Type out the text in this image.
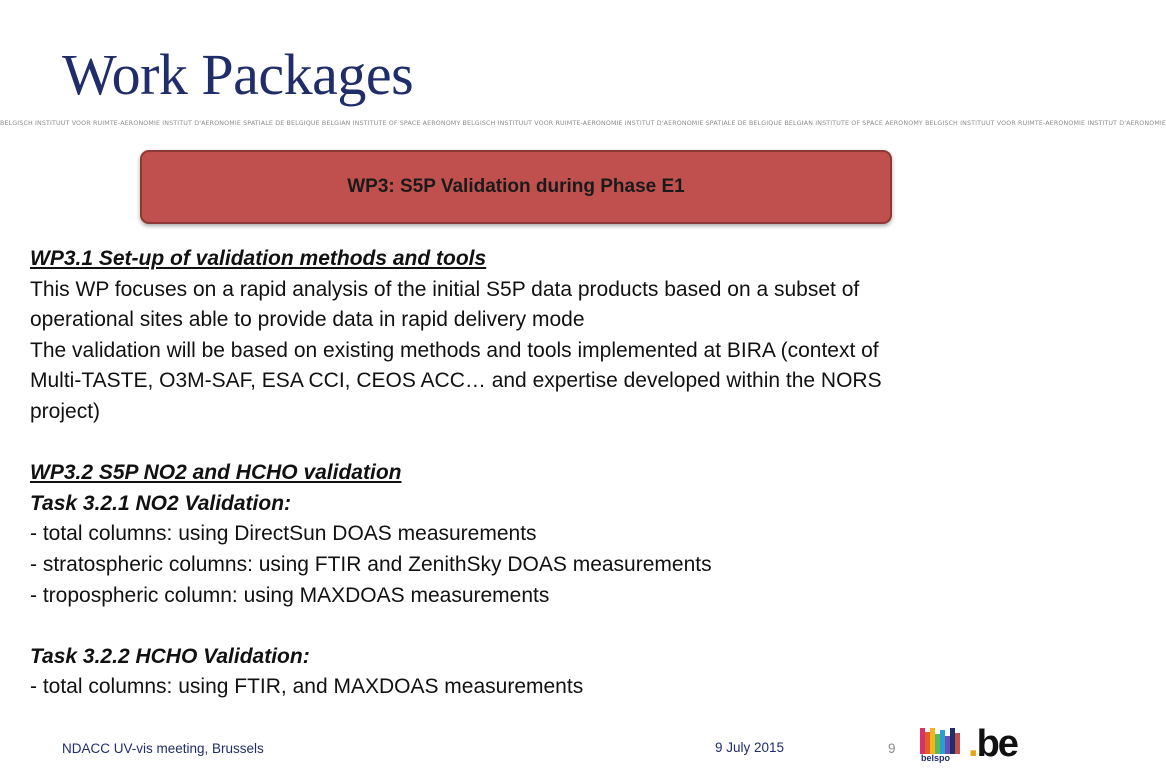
Work Packages
BELGISCH INSTITUUT VOOR RUIMTE-AERONOMIE INSTITUT D'AERONOMIE SPATIALE DE BELGIQUE BELGIAN INSTITUTE OF SPACE AERONOMY BELGISCH INSTITUUT VOOR RUIMTE-AERONOMIE INSTITUT D'AERONOMIE SPATIALE DE BELGIQUE BELGIAN INSTITUTE OF SPACE AERONOMY BELGISCH INSTITUUT VOOR RUIMTE-AERONOMIE INSTITUT D'AERONOMIE
WP3: S5P Validation during Phase E1
WP3.1 Set-up of validation methods and tools
This WP focuses on a rapid analysis of the initial S5P data products based on a subset of
operational sites able to provide data in rapid delivery mode
The validation will be based on existing methods and tools implemented at BIRA (context of
Multi-TASTE, O3M-SAF, ESA CCI, CEOS ACC… and expertise developed within the NORS
project)
WP3.2 S5P NO2 and HCHO validation
Task 3.2.1 NO2 Validation:
- total columns: using DirectSun DOAS measurements
- stratospheric columns: using FTIR and ZenithSky DOAS measurements
- tropospheric column: using MAXDOAS measurements
Task 3.2.2 HCHO Validation:
- total columns: using FTIR, and MAXDOAS measurements
NDACC UV-vis meeting, Brussels	9 July 2015	9
belspo .be
